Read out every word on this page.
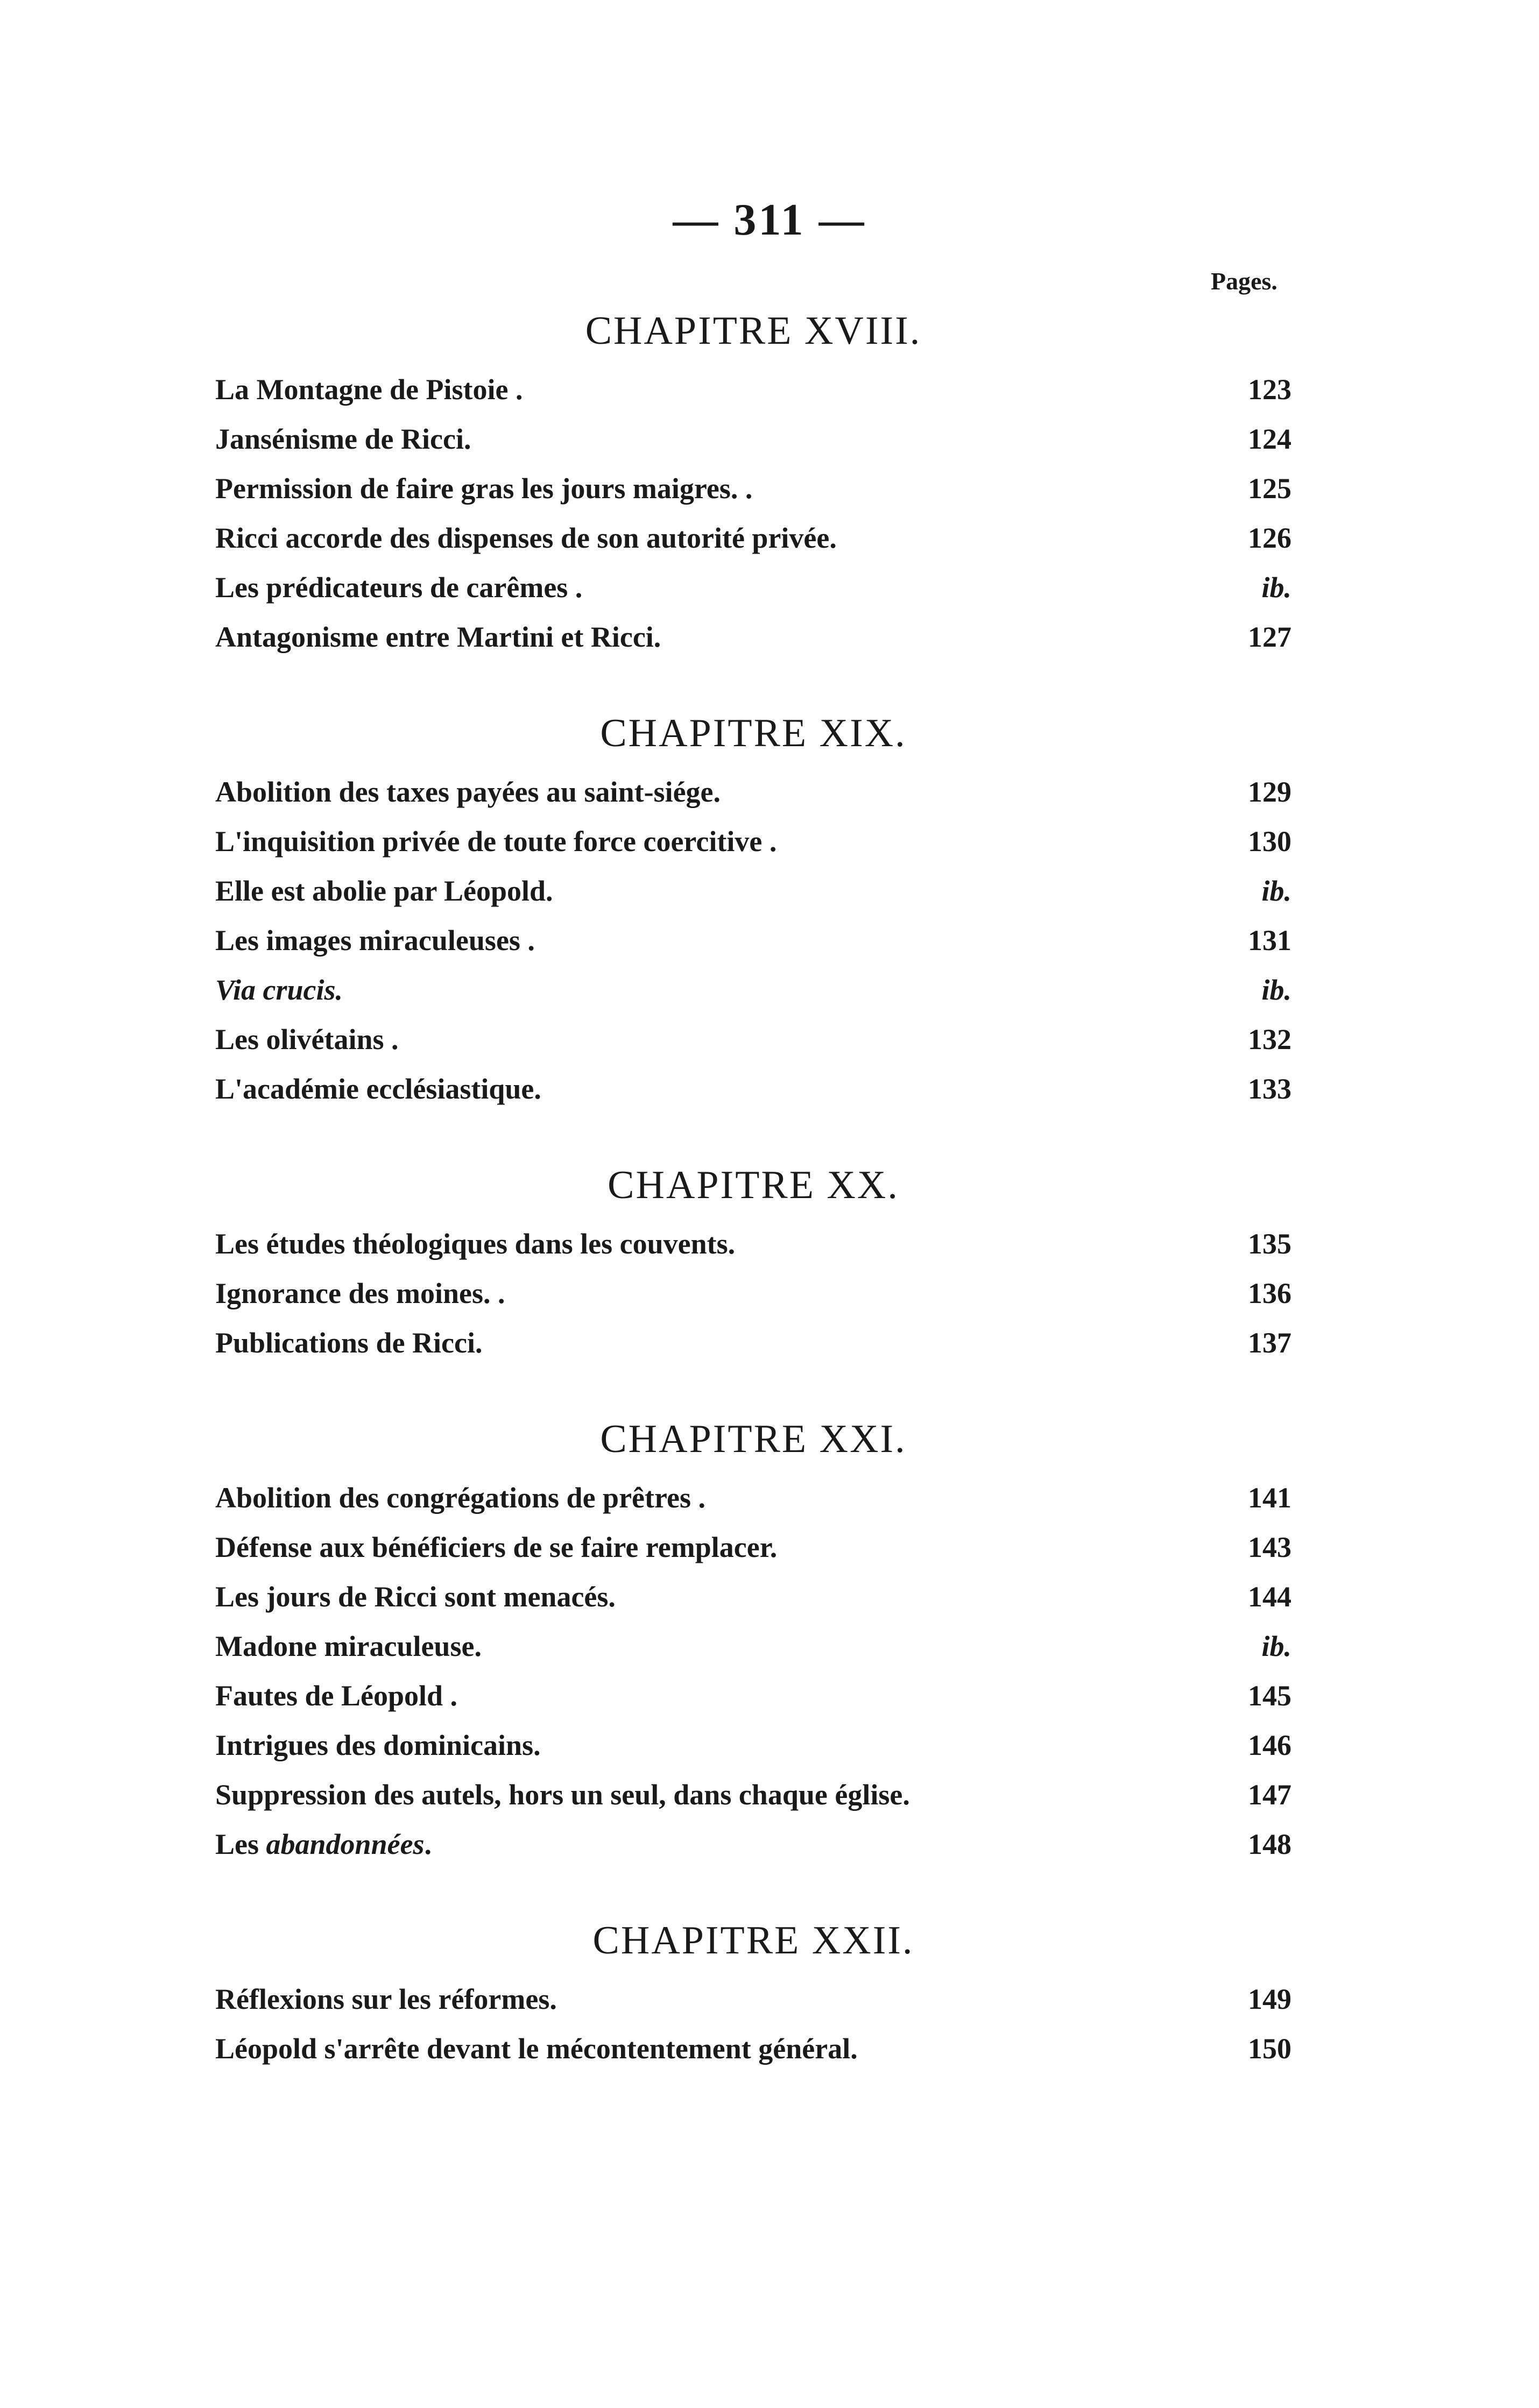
— 311 —
Pages.
CHAPITRE XVIII.
La Montagne de Pistoie .	123
Jansénisme de Ricci.	124
Permission de faire gras les jours maigres. .	125
Ricci accorde des dispenses de son autorité privée.	126
Les prédicateurs de carêmes .	ib.
Antagonisme entre Martini et Ricci.	127
CHAPITRE XIX.
Abolition des taxes payées au saint-siége.	129
L'inquisition privée de toute force coercitive .	130
Elle est abolie par Léopold.	ib.
Les images miraculeuses .	131
Via crucis.	ib.
Les olivétains .	132
L'académie ecclésiastique.	133
CHAPITRE XX.
Les études théologiques dans les couvents.	135
Ignorance des moines. .	136
Publications de Ricci.	137
CHAPITRE XXI.
Abolition des congrégations de prêtres .	141
Défense aux bénéficiers de se faire remplacer.	143
Les jours de Ricci sont menacés.	144
Madone miraculeuse.	ib.
Fautes de Léopold .	145
Intrigues des dominicains.	146
Suppression des autels, hors un seul, dans chaque église.	147
Les abandonnées.	148
CHAPITRE XXII.
Réflexions sur les réformes.	149
Léopold s'arrête devant le mécontentement général.	150
